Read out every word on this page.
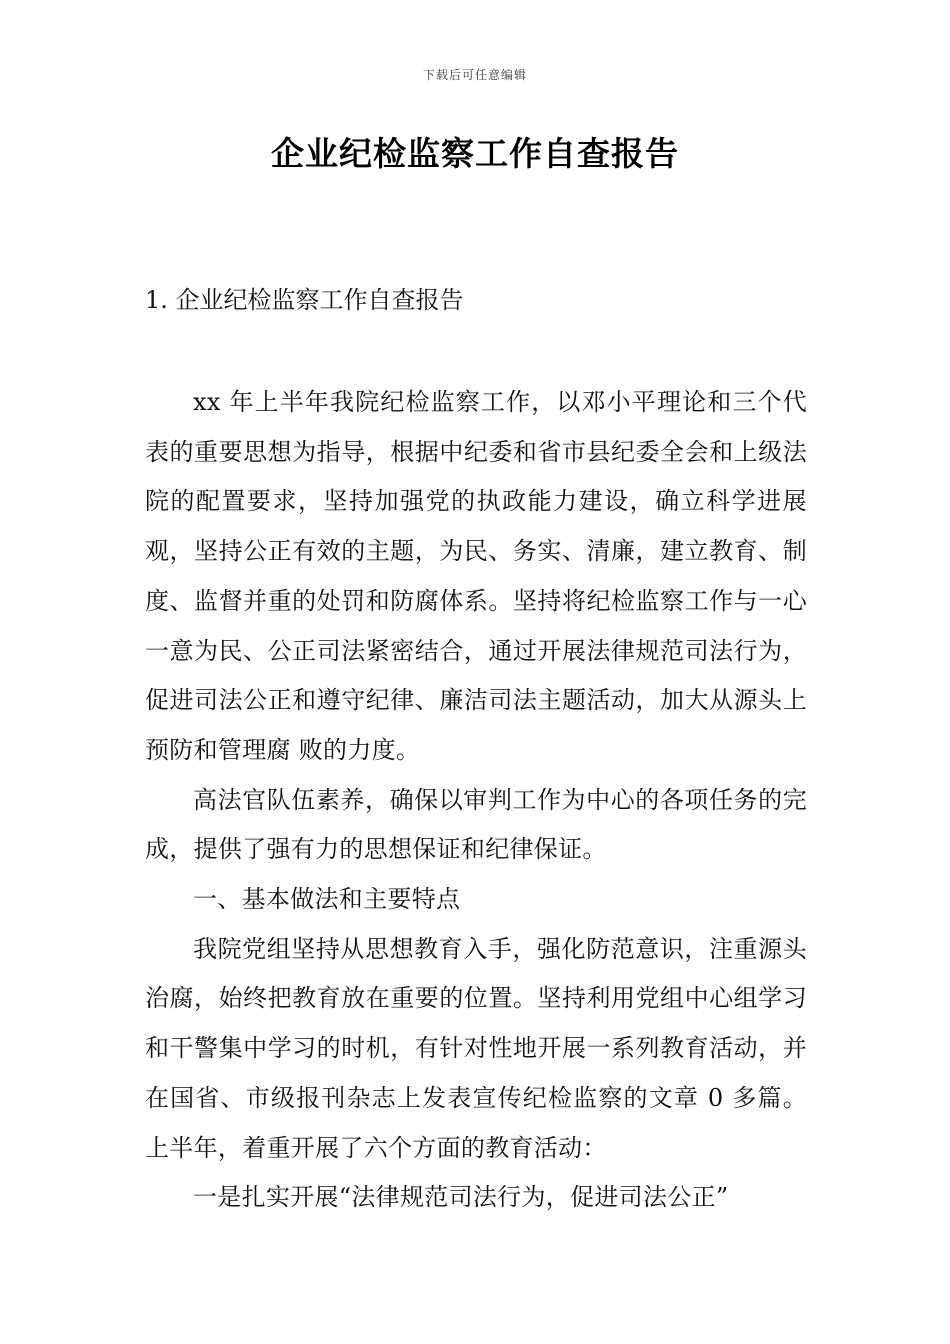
下载后可任意编辑
企业纪检监察工作自查报告
1. 企业纪检监察工作自查报告

xx 年上半年我院纪检监察工作，以邓小平理论和三个代表的重要思想为指导，根据中纪委和省市县纪委全会和上级法院的配置要求，坚持加强党的执政能力建设，确立科学进展观，坚持公正有效的主题，为民、务实、清廉，建立教育、制度、监督并重的处罚和防腐体系。坚持将纪检监察工作与一心一意为民、公正司法紧密结合，通过开展法律规范司法行为，促进司法公正和遵守纪律、廉洁司法主题活动，加大从源头上预防和管理腐 败的力度。

高法官队伍素养，确保以审判工作为中心的各项任务的完成，提供了强有力的思想保证和纪律保证。

一、基本做法和主要特点

我院党组坚持从思想教育入手，强化防范意识，注重源头治腐，始终把教育放在重要的位置。坚持利用党组中心组学习和干警集中学习的时机，有针对性地开展一系列教育活动，并在国省、市级报刊杂志上发表宣传纪检监察的文章 0 多篇。上半年，着重开展了六个方面的教育活动：

一是扎实开展“法律规范司法行为，促进司法公正”
